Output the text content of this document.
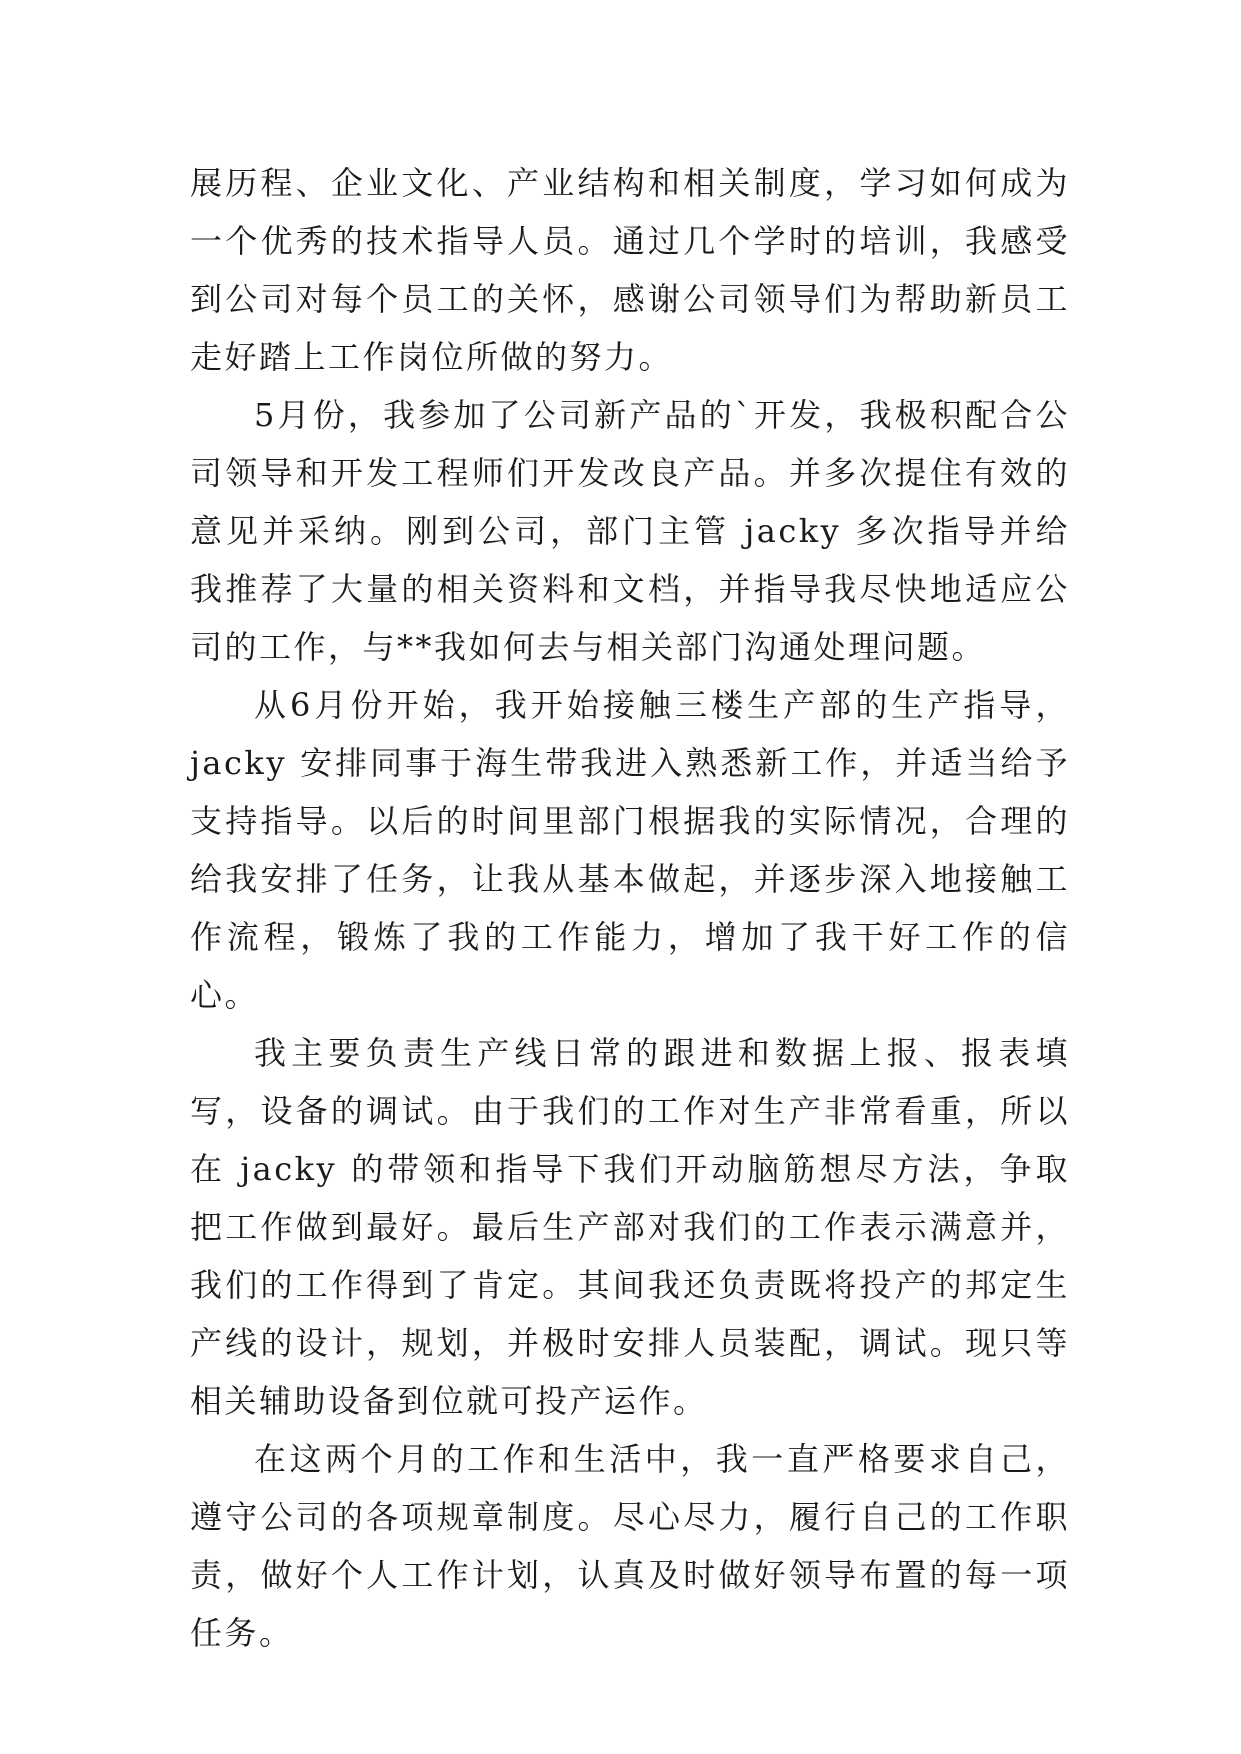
展历程、企业文化、产业结构和相关制度，学习如何成为一个优秀的技术指导人员。通过几个学时的培训，我感受到公司对每个员工的关怀，感谢公司领导们为帮助新员工走好踏上工作岗位所做的努力。

5月份，我参加了公司新产品的`开发，我极积配合公司领导和开发工程师们开发改良产品。并多次提住有效的意见并采纳。刚到公司，部门主管 jacky 多次指导并给我推荐了大量的相关资料和文档，并指导我尽快地适应公司的工作，与**我如何去与相关部门沟通处理问题。

从6月份开始，我开始接触三楼生产部的生产指导，jacky 安排同事于海生带我进入熟悉新工作，并适当给予支持指导。以后的时间里部门根据我的实际情况，合理的给我安排了任务，让我从基本做起，并逐步深入地接触工作流程，锻炼了我的工作能力，增加了我干好工作的信心。

我主要负责生产线日常的跟进和数据上报、报表填写，设备的调试。由于我们的工作对生产非常看重，所以在 jacky 的带领和指导下我们开动脑筋想尽方法，争取把工作做到最好。最后生产部对我们的工作表示满意并，我们的工作得到了肯定。其间我还负责既将投产的邦定生产线的设计，规划，并极时安排人员装配，调试。现只等相关辅助设备到位就可投产运作。

在这两个月的工作和生活中，我一直严格要求自己，遵守公司的各项规章制度。尽心尽力，履行自己的工作职责，做好个人工作计划，认真及时做好领导布置的每一项任务。
